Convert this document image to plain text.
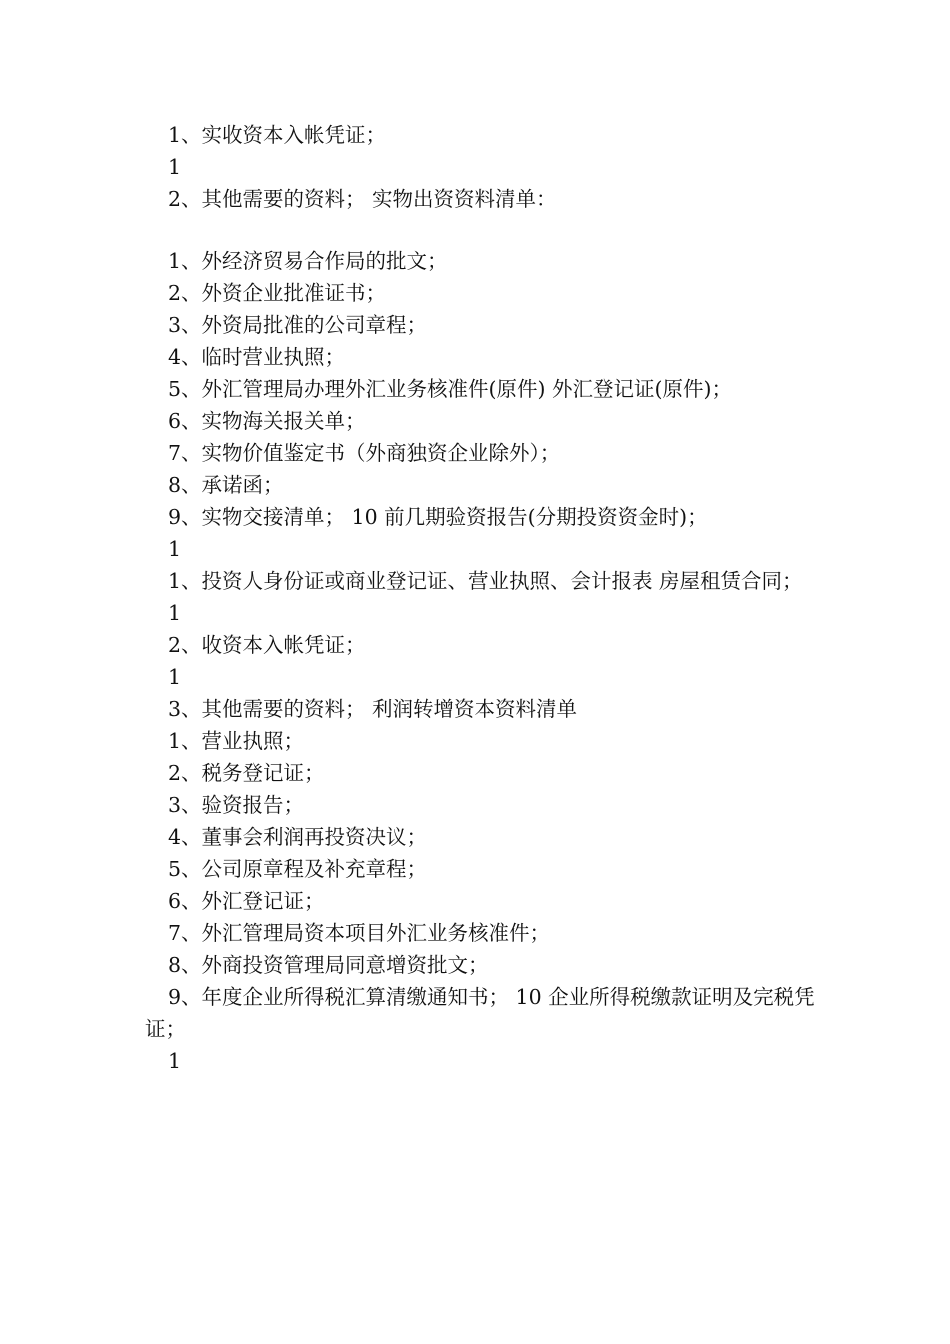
1、实收资本入帐凭证；
1
2、其他需要的资料； 实物出资资料清单：
1、外经济贸易合作局的批文；
2、外资企业批准证书；
3、外资局批准的公司章程；
4、临时营业执照；
5、外汇管理局办理外汇业务核准件(原件) 外汇登记证(原件)；
6、实物海关报关单；
7、实物价值鉴定书（外商独资企业除外）；
8、承诺函；
9、实物交接清单； 10 前几期验资报告(分期投资资金时)；
1
1、投资人身份证或商业登记证、营业执照、会计报表 房屋租赁合同；
1
2、收资本入帐凭证；
1
3、其他需要的资料； 利润转增资本资料清单
1、营业执照；
2、税务登记证；
3、验资报告；
4、董事会利润再投资决议；
5、公司原章程及补充章程；
6、外汇登记证；
7、外汇管理局资本项目外汇业务核准件；
8、外商投资管理局同意增资批文；
9、年度企业所得税汇算清缴通知书； 10 企业所得税缴款证明及完税凭证；
1
